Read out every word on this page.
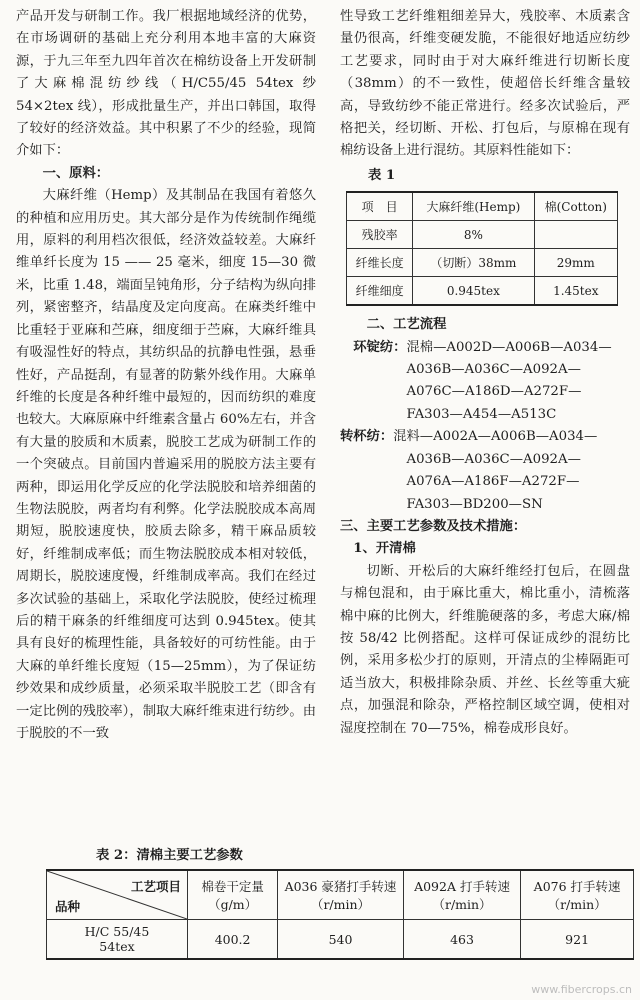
产品开发与研制工作。我厂根据地域经济的优势，在市场调研的基础上充分利用本地丰富的大麻资源，于九三年至九四年首次在棉纺设备上开发研制了大麻棉混纺纱线（H/C55/45 54tex 纱　54×2tex 线），形成批量生产，并出口韩国，取得了较好的经济效益。其中积累了不少的经验，现简介如下：

一、原料：

大麻纤维（Hemp）及其制品在我国有着悠久的种植和应用历史。其大部分是作为传统制作绳缆用，原料的利用档次很低，经济效益较差。大麻纤维单纤长度为 15 —— 25 毫米，细度 15—30 微米，比重 1.48，端面呈钝角形，分子结构为纵向排列，紧密整齐，结晶度及定向度高。在麻类纤维中比重轻于亚麻和苎麻，细度细于苎麻，大麻纤维具有吸湿性好的特点，其纺织品的抗静电性强，悬垂性好，产品挺刮，有显著的防紫外线作用。大麻单纤维的长度是各种纤维中最短的，因而纺织的难度也较大。大麻原麻中纤维素含量占 60%左右，并含有大量的胶质和木质素，脱胶工艺成为研制工作的一个突破点。目前国内普遍采用的脱胶方法主要有两种，即运用化学反应的化学法脱胶和培养细菌的生物法脱胶，两者均有利弊。化学法脱胶成本高周期短，脱胶速度快，胶质去除多，精干麻品质较好，纤维制成率低；而生物法脱胶成本相对较低，周期长，脱胶速度慢，纤维制成率高。我们在经过多次试验的基础上，采取化学法脱胶，使经过梳理后的精干麻条的纤维细度可达到 0.945tex。使其具有良好的梳理性能，具备较好的可纺性能。由于大麻的单纤维长度短（15—25mm），为了保证纺纱效果和成纱质量，必须采取半脱胶工艺（即含有一定比例的残胶率），制取大麻纤维束进行纺纱。由于脱胶的不一致

性导致工艺纤维粗细差异大，残胶率、木质素含量仍很高，纤维变硬发脆，不能很好地适应纺纱工艺要求，同时由于对大麻纤维进行切断长度（38mm）的不一致性，使超倍长纤维含量较高，导致纺纱不能正常进行。经多次试验后，严格把关，经切断、开松、打包后，与原棉在现有棉纺设备上进行混纺。其原料性能如下：

表 1

项　目	大麻纤维(Hemp)	棉(Cotton)
残胶率	8%	
纤维长度	（切断）38mm	29mm
纤维细度	0.945tex	1.45tex

二、工艺流程

环锭纺：混棉—A002D—A006B—A034—
A036B—A036C—A092A—
A076C—A186D—A272F—
FA303—A454—A513C
转杯纺：混料—A002A—A006B—A034—
A036B—A036C—A092A—
A076A—A186F—A272F—
FA303—BD200—SN

三、主要工艺参数及技术措施：

1、开清棉

切断、开松后的大麻纤维经打包后，在圆盘与棉包混和，由于麻比重大，棉比重小，清梳落棉中麻的比例大，纤维脆硬落的多，考虑大麻/棉按 58/42 比例搭配。这样可保证成纱的混纺比例，采用多松少打的原则，开清点的尘棒隔距可适当放大，积极排除杂质、并丝、长丝等重大疵点，加强混和除杂，严格控制区域空调，使相对湿度控制在 70—75%，棉卷成形良好。

表 2：清棉主要工艺参数

工艺项目
品种	棉卷干定量（g/m）	A036 豪猪打手转速（r/min）	A092A 打手转速（r/min）	A076 打手转速（r/min）

H/C 55/45
54tex	400.2	540	463	921
www.fibercrops.cn
